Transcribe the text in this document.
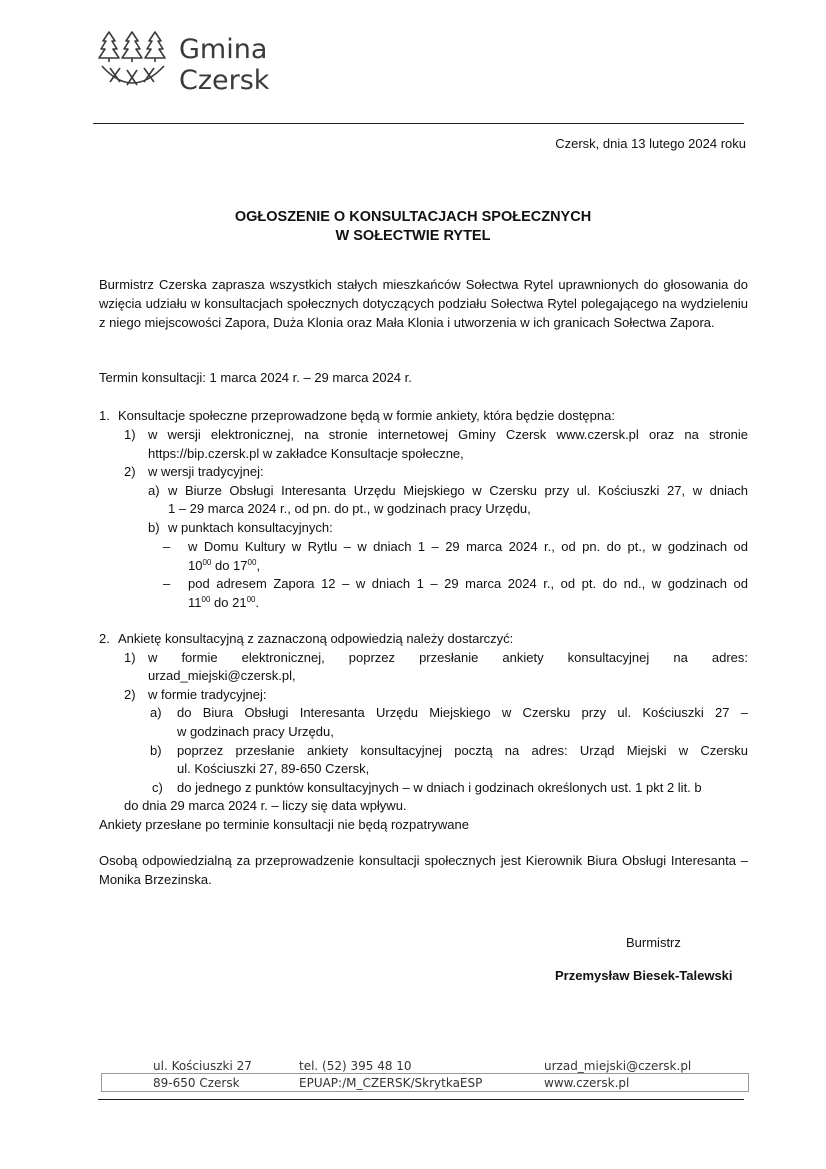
Gmina
Czersk
Czersk, dnia 13 lutego 2024 roku
OGŁOSZENIE O KONSULTACJACH SPOŁECZNYCH
W SOŁECTWIE RYTEL
Burmistrz Czerska zaprasza wszystkich stałych mieszkańców Sołectwa Rytel uprawnionych do głosowania do wzięcia udziału w konsultacjach społecznych dotyczących podziału Sołectwa Rytel polegającego na wydzieleniu z niego miejscowości Zapora, Duża Klonia oraz Mała Klonia i utworzenia w ich granicach Sołectwa Zapora.
Termin konsultacji: 1 marca 2024 r. – 29 marca 2024 r.
1. Konsultacje społeczne przeprowadzone będą w formie ankiety, która będzie dostępna:
1) w wersji elektronicznej, na stronie internetowej Gminy Czersk www.czersk.pl oraz na stronie
https://bip.czersk.pl w zakładce Konsultacje społeczne,
2) w wersji tradycyjnej:
a) w Biurze Obsługi Interesanta Urzędu Miejskiego w Czersku przy ul. Kościuszki 27, w dniach
1 – 29 marca 2024 r., od pn. do pt., w godzinach pracy Urzędu,
b) w punktach konsultacyjnych:
– w Domu Kultury w Rytlu – w dniach 1 – 29 marca 2024 r., od pn. do pt., w godzinach od
$10^{00}$ do $17^{00}$,
– pod adresem Zapora 12 – w dniach 1 – 29 marca 2024 r., od pt. do nd., w godzinach od
$11^{00}$ do $21^{00}$.
2. Ankietę konsultacyjną z zaznaczoną odpowiedzią należy dostarczyć:
1) w formie elektronicznej, poprzez przesłanie ankiety konsultacyjnej na adres:
urzad_miejski@czersk.pl,
2) w formie tradycyjnej:
a) do Biura Obsługi Interesanta Urzędu Miejskiego w Czersku przy ul. Kościuszki 27 –
w godzinach pracy Urzędu,
b) poprzez przesłanie ankiety konsultacyjnej pocztą na adres: Urząd Miejski w Czersku
ul. Kościuszki 27, 89-650 Czersk,
c) do jednego z punktów konsultacyjnych – w dniach i godzinach określonych ust. 1 pkt 2 lit. b
do dnia 29 marca 2024 r. – liczy się data wpływu.
Ankiety przesłane po terminie konsultacji nie będą rozpatrywane
Osobą odpowiedzialną za przeprowadzenie konsultacji społecznych jest Kierownik Biura Obsługi Interesanta – Monika Brzezinska.
Burmistrz
Przemysław Biesek-Talewski
ul. Kościuszki 27
89-650 Czersk
tel. (52) 395 48 10
EPUAP:/M_CZERSK/SkrytkaESP
urzad_miejski@czersk.pl
www.czersk.pl
